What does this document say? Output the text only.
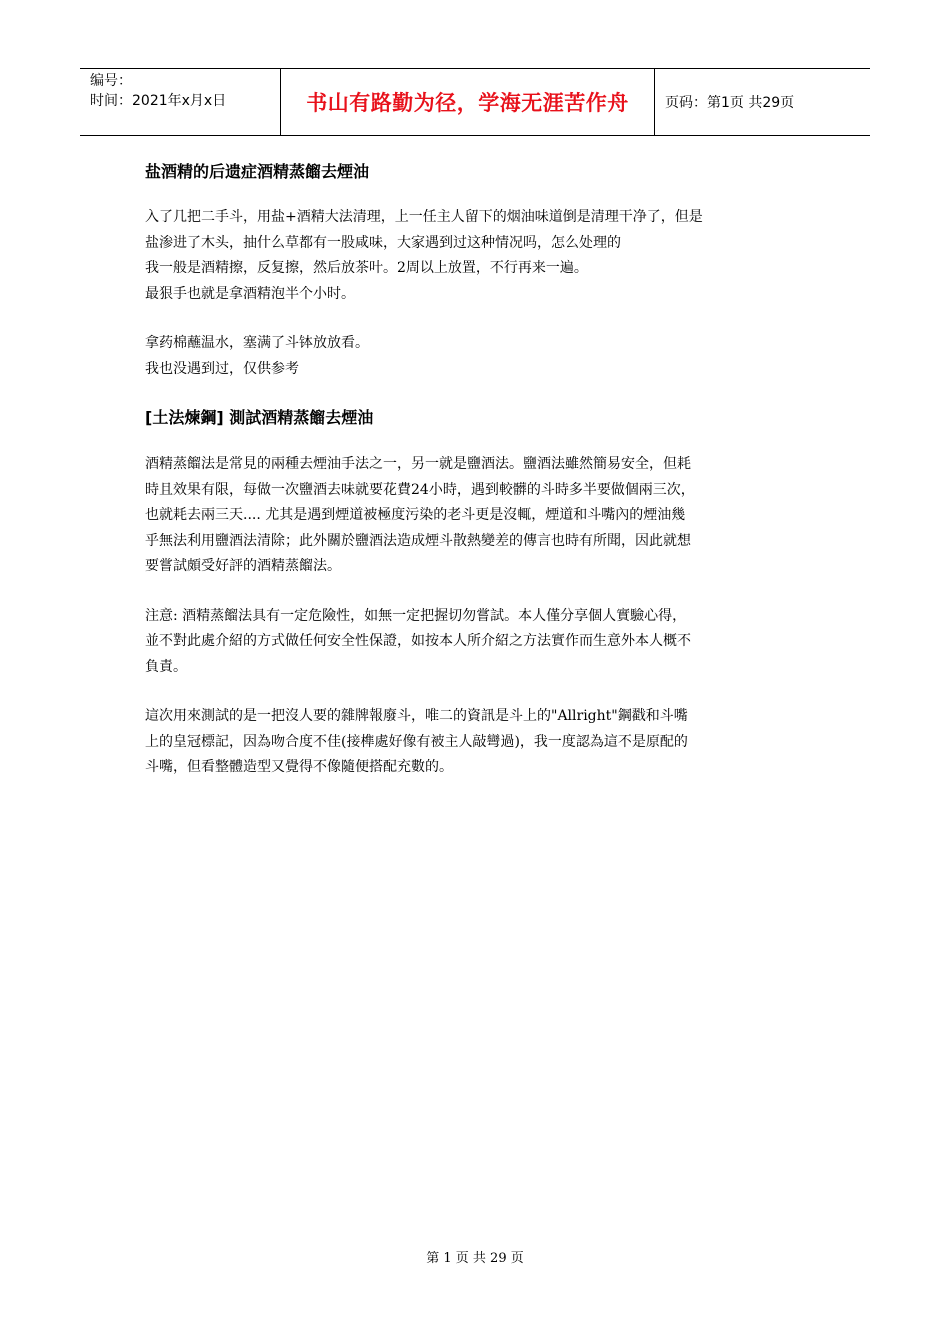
编号：
时间：2021年x月x日	书山有路勤为径，学海无涯苦作舟	页码：第1页 共29页
盐酒精的后遗症酒精蒸餾去煙油

入了几把二手斗，用盐+酒精大法清理，上一任主人留下的烟油味道倒是清理干净了，但是
盐渗进了木头，抽什么草都有一股咸味，大家遇到过这种情况吗，怎么处理的
我一般是酒精擦，反复擦，然后放茶叶。2周以上放置，不行再来一遍。
最狠手也就是拿酒精泡半个小时。

拿药棉蘸温水，塞满了斗钵放放看。
我也没遇到过，仅供参考

[土法煉鋼] 測試酒精蒸餾去煙油

酒精蒸餾法是常見的兩種去煙油手法之一，另一就是鹽酒法。鹽酒法雖然簡易安全，但耗
時且效果有限，每做一次鹽酒去味就要花費24小時，遇到較髒的斗時多半要做個兩三次，
也就耗去兩三天.... 尤其是遇到煙道被極度污染的老斗更是沒輒，煙道和斗嘴內的煙油幾
乎無法利用鹽酒法清除；此外關於鹽酒法造成煙斗散熱變差的傳言也時有所聞，因此就想
要嘗試頗受好評的酒精蒸餾法。

注意: 酒精蒸餾法具有一定危險性，如無一定把握切勿嘗試。本人僅分享個人實驗心得，
並不對此處介紹的方式做任何安全性保證，如按本人所介紹之方法實作而生意外本人概不
負責。

這次用來測試的是一把沒人要的雜牌報廢斗，唯二的資訊是斗上的"Allright"鋼戳和斗嘴
上的皇冠標記，因為吻合度不佳(接榫處好像有被主人敲彎過)，我一度認為這不是原配的
斗嘴，但看整體造型又覺得不像隨便搭配充數的。

第 1 页 共 29 页
